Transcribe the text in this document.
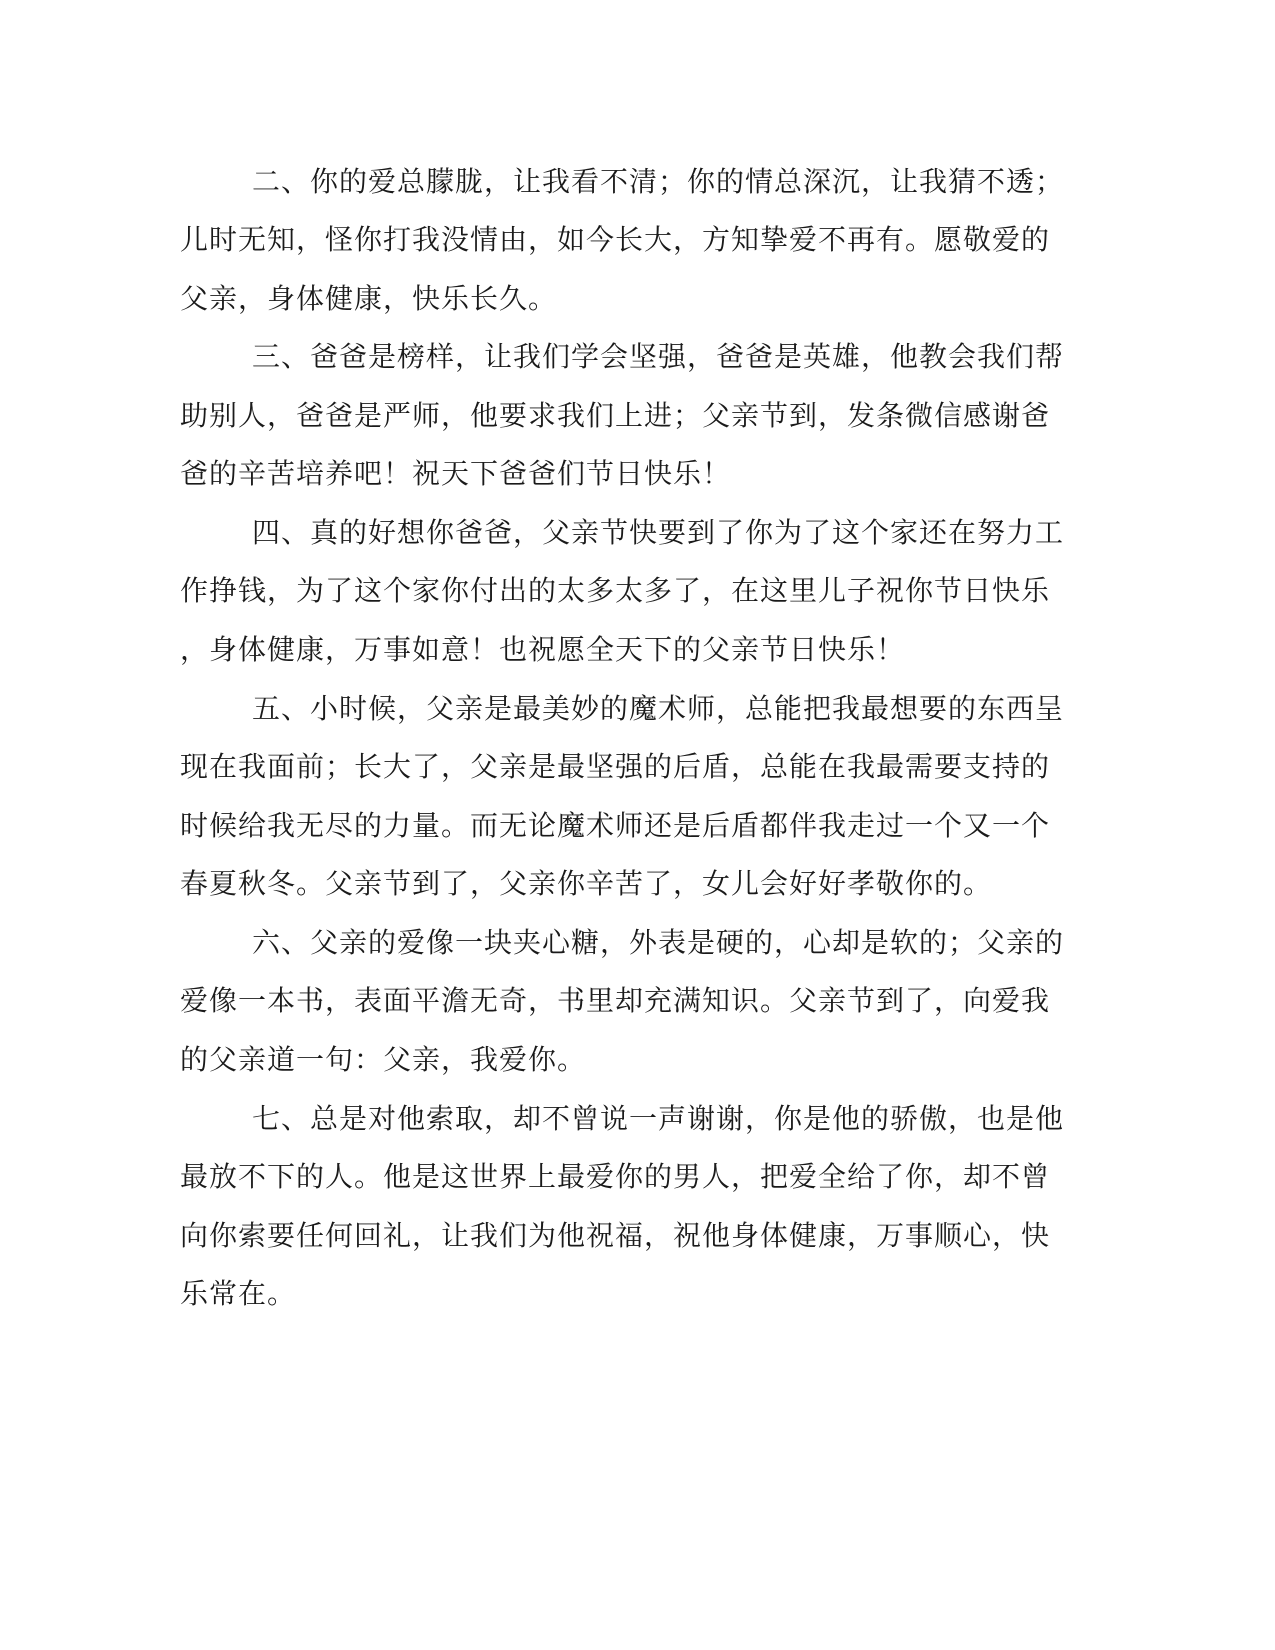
二、你的爱总朦胧，让我看不清；你的情总深沉，让我猜不透；
儿时无知，怪你打我没情由，如今长大，方知挚爱不再有。愿敬爱的
父亲，身体健康，快乐长久。
三、爸爸是榜样，让我们学会坚强，爸爸是英雄，他教会我们帮
助别人，爸爸是严师，他要求我们上进；父亲节到，发条微信感谢爸
爸的辛苦培养吧！祝天下爸爸们节日快乐！
四、真的好想你爸爸，父亲节快要到了你为了这个家还在努力工
作挣钱，为了这个家你付出的太多太多了，在这里儿子祝你节日快乐
，身体健康，万事如意！也祝愿全天下的父亲节日快乐！
五、小时候，父亲是最美妙的魔术师，总能把我最想要的东西呈
现在我面前；长大了，父亲是最坚强的后盾，总能在我最需要支持的
时候给我无尽的力量。而无论魔术师还是后盾都伴我走过一个又一个
春夏秋冬。父亲节到了，父亲你辛苦了，女儿会好好孝敬你的。
六、父亲的爱像一块夹心糖，外表是硬的，心却是软的；父亲的
爱像一本书，表面平澹无奇，书里却充满知识。父亲节到了，向爱我
的父亲道一句：父亲，我爱你。
七、总是对他索取，却不曾说一声谢谢，你是他的骄傲，也是他
最放不下的人。他是这世界上最爱你的男人，把爱全给了你，却不曾
向你索要任何回礼，让我们为他祝福，祝他身体健康，万事顺心，快
乐常在。
